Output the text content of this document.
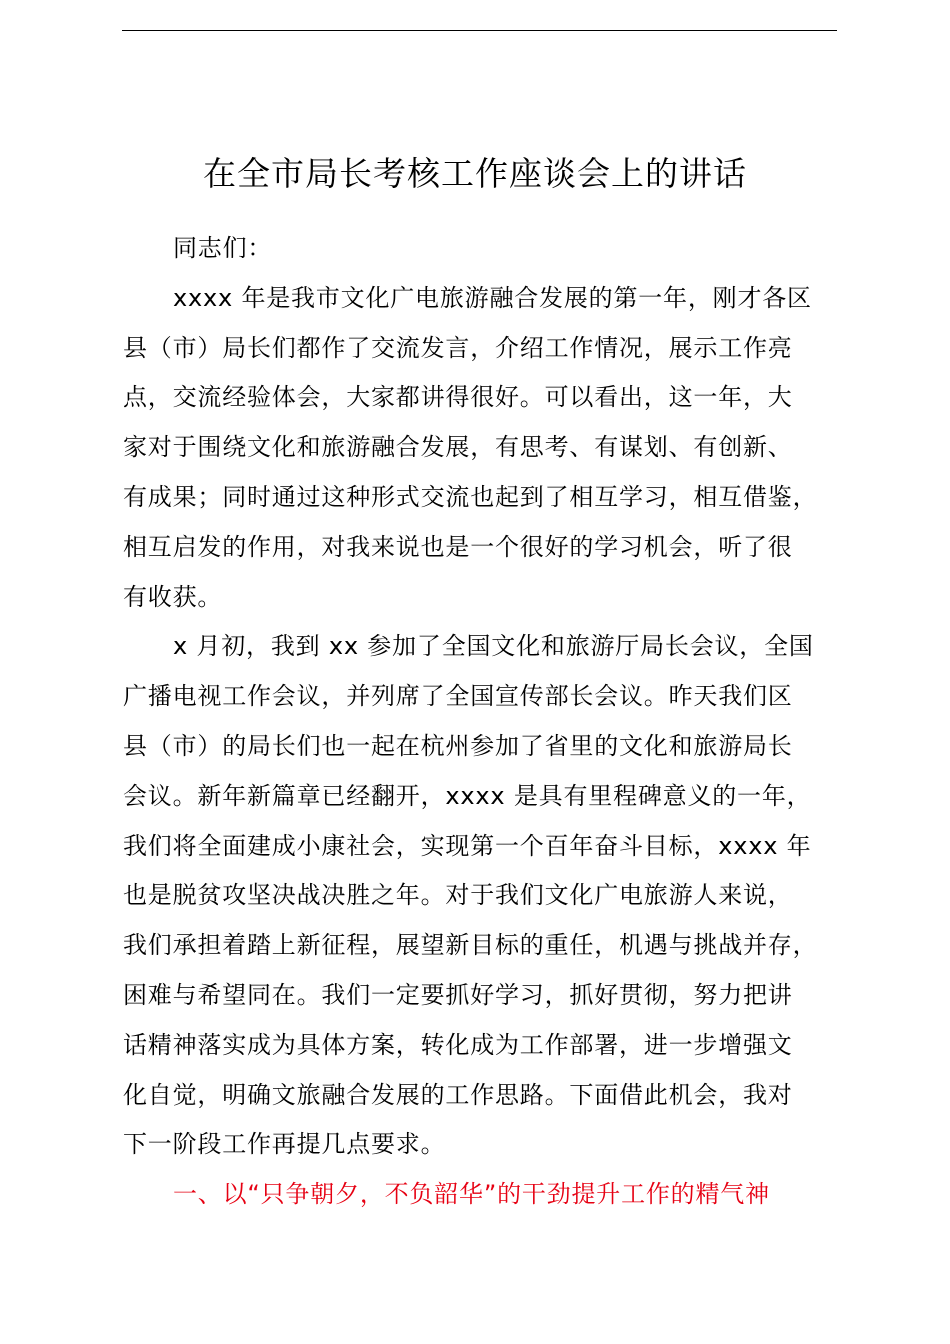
在全市局长考核工作座谈会上的讲话
同志们：
xxxx 年是我市文化广电旅游融合发展的第一年，刚才各区
县（市）局长们都作了交流发言，介绍工作情况，展示工作亮
点，交流经验体会，大家都讲得很好。可以看出，这一年，大
家对于围绕文化和旅游融合发展，有思考、有谋划、有创新、
有成果；同时通过这种形式交流也起到了相互学习，相互借鉴，
相互启发的作用，对我来说也是一个很好的学习机会，听了很
有收获。
x 月初，我到 xx 参加了全国文化和旅游厅局长会议，全国
广播电视工作会议，并列席了全国宣传部长会议。昨天我们区
县（市）的局长们也一起在杭州参加了省里的文化和旅游局长
会议。新年新篇章已经翻开，xxxx 是具有里程碑意义的一年，
我们将全面建成小康社会，实现第一个百年奋斗目标，xxxx 年
也是脱贫攻坚决战决胜之年。对于我们文化广电旅游人来说，
我们承担着踏上新征程，展望新目标的重任，机遇与挑战并存，
困难与希望同在。我们一定要抓好学习，抓好贯彻，努力把讲
话精神落实成为具体方案，转化成为工作部署，进一步增强文
化自觉，明确文旅融合发展的工作思路。下面借此机会，我对
下一阶段工作再提几点要求。
一、以“只争朝夕，不负韶华”的干劲提升工作的精气神
